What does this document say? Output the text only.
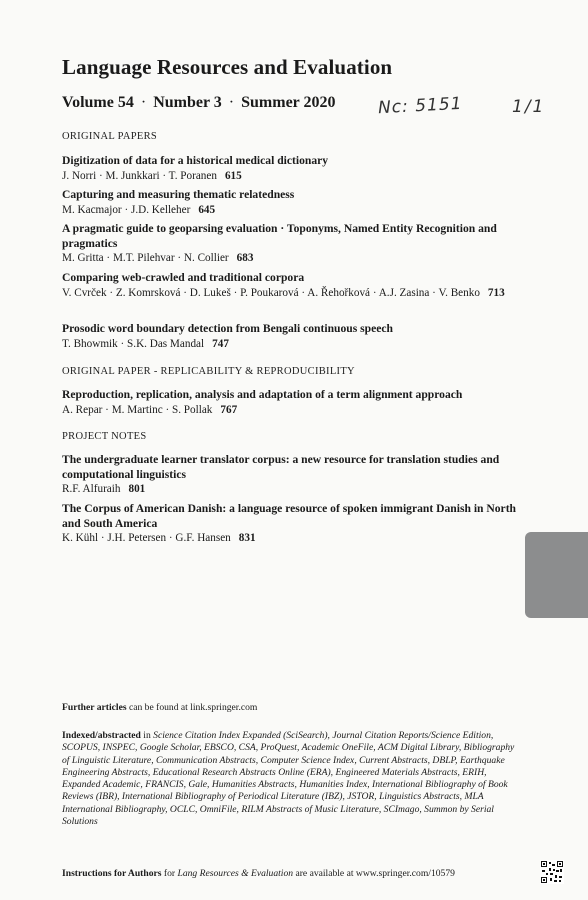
Language Resources and Evaluation
Volume 54 · Number 3 · Summer 2020 Nc: 5151	1/1
ORIGINAL PAPERS
Digitization of data for a historical medical dictionary
J. Norri · M. Junkkari · T. Poranen 615
Capturing and measuring thematic relatedness
M. Kacmajor · J.D. Kelleher 645
A pragmatic guide to geoparsing evaluation · Toponyms, Named Entity Recognition and pragmatics
M. Gritta · M.T. Pilehvar · N. Collier 683
Comparing web-crawled and traditional corpora
V. Cvrček · Z. Komrsková · D. Lukeš · P. Poukarová · A. Řehořková · A.J. Zasina · V. Benko 713
Prosodic word boundary detection from Bengali continuous speech
T. Bhowmik · S.K. Das Mandal 747
ORIGINAL PAPER - REPLICABILITY & REPRODUCIBILITY
Reproduction, replication, analysis and adaptation of a term alignment approach
A. Repar · M. Martinc · S. Pollak 767
PROJECT NOTES
The undergraduate learner translator corpus: a new resource for translation studies and computational linguistics
R.F. Alfuraih 801
The Corpus of American Danish: a language resource of spoken immigrant Danish in North and South America
K. Kühl · J.H. Petersen · G.F. Hansen 831
Further articles can be found at link.springer.com
Indexed/abstracted in Science Citation Index Expanded (SciSearch), Journal Citation Reports/Science Edition, SCOPUS, INSPEC, Google Scholar, EBSCO, CSA, ProQuest, Academic OneFile, ACM Digital Library, Bibliography of Linguistic Literature, Communication Abstracts, Computer Science Index, Current Abstracts, DBLP, Earthquake Engineering Abstracts, Educational Research Abstracts Online (ERA), Engineered Materials Abstracts, ERIH, Expanded Academic, FRANCIS, Gale, Humanities Abstracts, Humanities Index, International Bibliography of Book Reviews (IBR), International Bibliography of Periodical Literature (IBZ), JSTOR, Linguistics Abstracts, MLA International Bibliography, OCLC, OmniFile, RILM Abstracts of Music Literature, SCImago, Summon by Serial Solutions
Instructions for Authors for Lang Resources & Evaluation are available at www.springer.com/10579
